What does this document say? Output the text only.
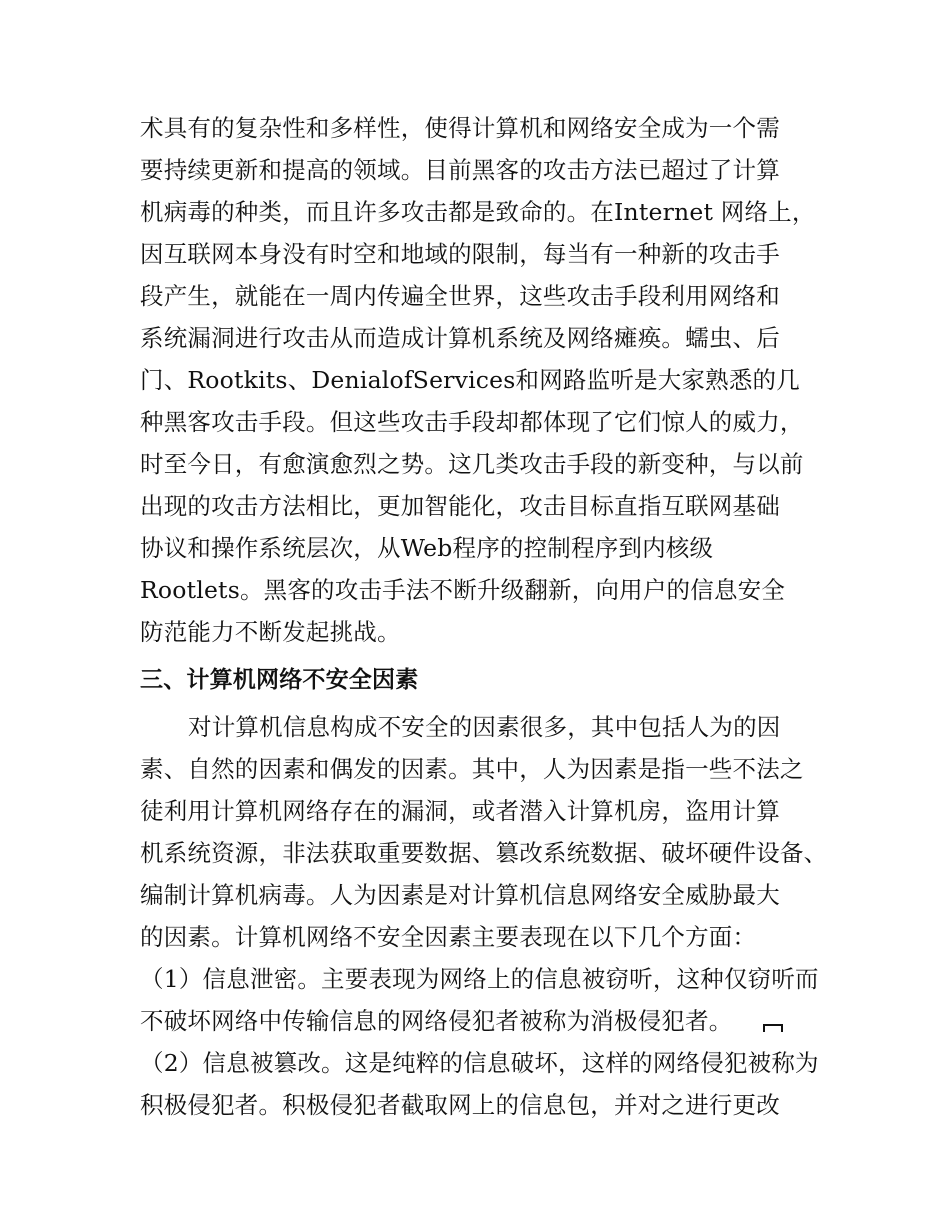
术具有的复杂性和多样性，使得计算机和网络安全成为一个需
要持续更新和提高的领域。目前黑客的攻击方法已超过了计算
机病毒的种类，而且许多攻击都是致命的。在Internet 网络上，
因互联网本身没有时空和地域的限制，每当有一种新的攻击手
段产生，就能在一周内传遍全世界，这些攻击手段利用网络和
系统漏洞进行攻击从而造成计算机系统及网络瘫痪。蠕虫、后
门、Rootkits、DenialofServices和网路监听是大家熟悉的几
种黑客攻击手段。但这些攻击手段却都体现了它们惊人的威力，
时至今日，有愈演愈烈之势。这几类攻击手段的新变种，与以前
出现的攻击方法相比，更加智能化，攻击目标直指互联网基础
协议和操作系统层次，从Web程序的控制程序到内核级
Rootlets。黑客的攻击手法不断升级翻新，向用户的信息安全
防范能力不断发起挑战。
三、计算机网络不安全因素
对计算机信息构成不安全的因素很多，其中包括人为的因
素、自然的因素和偶发的因素。其中，人为因素是指一些不法之
徒利用计算机网络存在的漏洞，或者潜入计算机房，盗用计算
机系统资源，非法获取重要数据、篡改系统数据、破坏硬件设备、
编制计算机病毒。人为因素是对计算机信息网络安全威胁最大
的因素。计算机网络不安全因素主要表现在以下几个方面：
（1）信息泄密。主要表现为网络上的信息被窃听，这种仅窃听而
不破坏网络中传输信息的网络侵犯者被称为消极侵犯者。
（2）信息被篡改。这是纯粹的信息破坏，这样的网络侵犯被称为
积极侵犯者。积极侵犯者截取网上的信息包，并对之进行更改
